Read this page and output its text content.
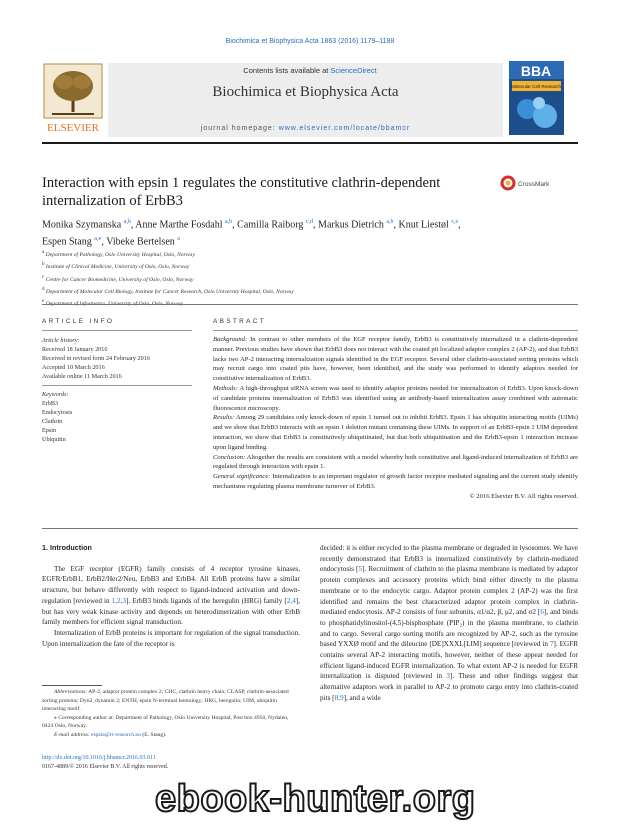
Biochimica et Biophysica Acta 1863 (2016) 1179–1188
Contents lists available at ScienceDirect
Biochimica et Biophysica Acta
journal homepage: www.elsevier.com/locate/bbamcr
ELSEVIER
BBA
Molecular Cell Research
Interaction with epsin 1 regulates the constitutive clathrin-dependent internalization of ErbB3
CrossMark
Monika Szymanska $^{a,b}$, Anne Marthe Fosdahl $^{a,b}$, Camilla Raiborg $^{c,d}$, Markus Dietrich $^{a,b}$, Knut Liestøl $^{c,e}$,
Espen Stang $^{a,⁎}$, Vibeke Bertelsen $^a$
$^a$ Department of Pathology, Oslo University Hospital, Oslo, Norway
$^b$ Institute of Clinical Medicine, University of Oslo, Oslo, Norway
$^c$ Centre for Cancer Biomedicine, University of Oslo, Oslo, Norway
$^d$ Department of Molecular Cell Biology, Institute for Cancer Research, Oslo University Hospital, Oslo, Norway
$^e$
ARTICLE INFO
Article history:
Received 18 January 2016
Received in revised form 24 February 2016
Accepted 10 March 2016
Available online 11 March 2016
Keywords:
ErbB3
Endocytosis
Clathrin
Epsin
Ubiquitin
ABSTRACT
Background: In contrast to other members of the EGF receptor family, ErbB3 is constitutively internalized in a clathrin-dependent manner. Previous studies have shown that ErbB3 does not interact with the coated pit localized adaptor complex 2 (AP-2), and that ErbB3 lacks two AP-2 interacting internalization signals identified in the EGF receptor. Several other clathrin-associated sorting proteins which may recruit cargo into coated pits have, however, been identified, and the study was performed to identify adaptors needed for constitutive internalization of ErbB3.
Methods: A high-throughput siRNA screen was used to identify adaptor proteins needed for internalization of ErbB3. Upon knock-down of candidate proteins internalization of ErbB3 was identified using an antibody-based internalization assay combined with automatic fluorescence microscopy.
Results: Among 29 candidates only knock-down of epsin 1 turned out to inhibit ErbB3. Epsin 1 has ubiquitin interacting motifs (UIMs) and we show that ErbB3 interacts with an epsin 1 deletion mutant containing these UIMs. In support of an ErbB3-epsin 1 UIM dependent interaction, we show that ErbB3 is constitutively ubiquitinated, but that both ubiquitination and the ErbB3-epsin 1 interaction increase upon ligand binding.
Conclusion: Altogether the results are consistent with a model whereby both constitutive and ligand-induced internalization of ErbB3 are regulated through interaction with epsin 1.
General significance: Internalization is an important regulator of growth factor receptor mediated signaling and the current study identify mechanisms regulating plasma membrane turnover of ErbB3.
© 2016 Elsevier B.V. All rights reserved.
1. Introduction
The EGF receptor (EGFR) family consists of 4 receptor tyrosine kinases, EGFR/ErbB1, ErbB2/Her2/Neu, ErbB3 and ErbB4. All ErbB proteins have a similar structure, but behave differently with respect to ligand-induced activation and down-regulation [reviewed in 1,2,3]. ErbB3 binds ligands of the heregulin (HRG) family [2,4], but has very weak kinase activity and depends on heterodimerization with other ErbB family members for efficient signal transduction.
Internalization of ErbB proteins is important for regulation of the signal transduction. Upon internalization the fate of the receptor is
Abbreviations: AP-2, adaptor protein complex 2; CHC, clathrin heavy chain; CLASP, clathrin-associated sorting proteins; Dyn2, dynamin 2; ENTH, epsin N-terminal homology; HRG, heregulin; UIM, ubiquitin interacting motif.
⁎ Corresponding author at: Department of Pathology, Oslo University Hospital, Post box 4950, Nydalen, 0424 Oslo, Norway.
E-mail address: espsta@rr-research.no (E. Stang).
http://dx.doi.org/10.1016/j.bbamcr.2016.03.011
0167-4889/© 2016 Elsevier B.V. All rights reserved.
decided: it is either recycled to the plasma membrane or degraded in lysosomes. We have recently demonstrated that ErbB3 is internalized constitutively by clathrin-mediated endocytosis [5]. Recruitment of clathrin to the plasma membrane is mediated by adaptor protein complexes and accessory proteins which bind either directly to the plasma membrane or to the endocytic cargo. Adaptor protein complex 2 (AP-2) was the first identified and remains the best characterized adaptor protein complex in clathrin-mediated endocytosis. AP-2 consists of four subunits, α1/α2, β, μ2, and σ2 [6], and binds to phosphatidylinositol-(4,5)-bisphosphate (PIP₂) in the plasma membrane, to clathrin and to cargo. Several cargo sorting motifs are recognized by AP-2, such as the tyrosine based YXXØ motif and the dileucine [DE]XXXL[LIM] sequence [reviewed in 7]. EGFR contains several AP-2 interacting motifs, however, neither of these appear needed for efficient ligand-induced EGFR internalization. To what extent AP-2 is needed for EGFR internalization is disputed [reviewed in 3]. These and other findings suggest that alternative adaptors work in parallel to AP-2 to promote cargo entry into clathrin-coated pits [8,9], and a wide
ebook-hunter.org
